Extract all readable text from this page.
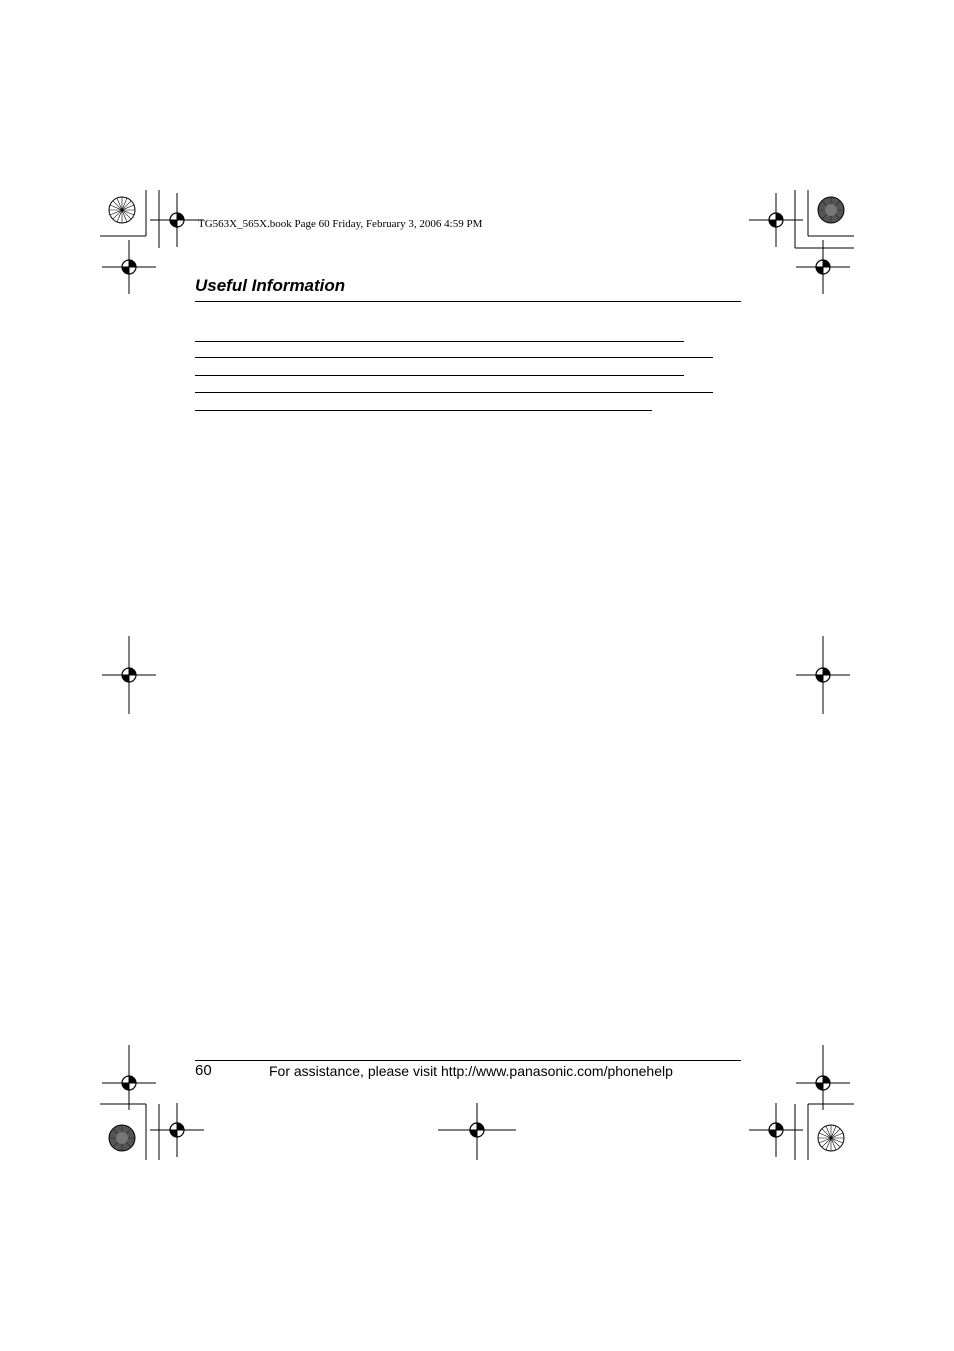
TG563X_565X.book Page 60 Friday, February 3, 2006 4:59 PM
Useful Information
60	For assistance, please visit http://www.panasonic.com/phonehelp
